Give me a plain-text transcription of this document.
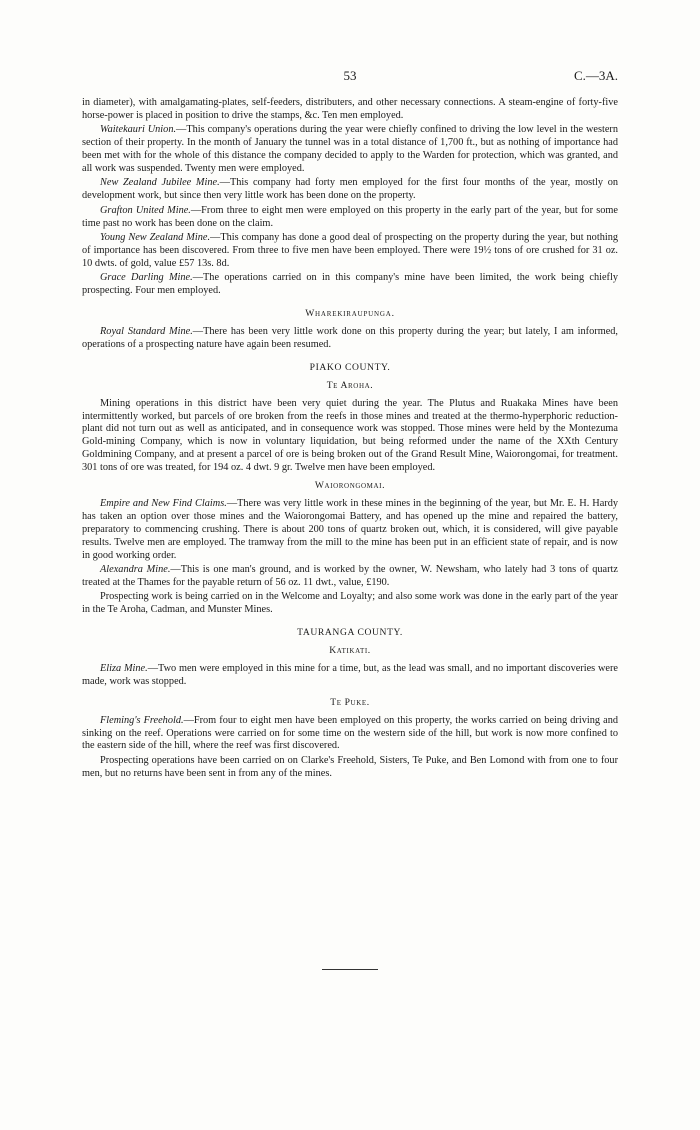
53	C.—3A.

in diameter), with amalgamating-plates, self-feeders, distributers, and other necessary connections. A steam-engine of forty-five horse-power is placed in position to drive the stamps, &c. Ten men employed.

Waitekauri Union.—This company's operations during the year were chiefly confined to driving the low level in the western section of their property. In the month of January the tunnel was in a total distance of 1,700 ft., but as nothing of importance had been met with for the whole of this distance the company decided to apply to the Warden for protection, which was granted, and all work was suspended. Twenty men were employed.

New Zealand Jubilee Mine.—This company had forty men employed for the first four months of the year, mostly on development work, but since then very little work has been done on the property.

Grafton United Mine.—From three to eight men were employed on this property in the early part of the year, but for some time past no work has been done on the claim.

Young New Zealand Mine.—This company has done a good deal of prospecting on the property during the year, but nothing of importance has been discovered. From three to five men have been employed. There were 19½ tons of ore crushed for 31 oz. 10 dwts. of gold, value £57 13s. 8d.

Grace Darling Mine.—The operations carried on in this company's mine have been limited, the work being chiefly prospecting. Four men employed.

Wharekiraupunga.

Royal Standard Mine.—There has been very little work done on this property during the year; but lately, I am informed, operations of a prospecting nature have again been resumed.

PIAKO COUNTY.
Te Aroha.

Mining operations in this district have been very quiet during the year. The Plutus and Ruakaka Mines have been intermittently worked, but parcels of ore broken from the reefs in those mines and treated at the thermo-hyperphoric reduction-plant did not turn out as well as anticipated, and in consequence work was stopped. Those mines were held by the Montezuma Gold-mining Company, which is now in voluntary liquidation, but being reformed under the name of the XXth Century Goldmining Company, and at present a parcel of ore is being broken out of the Grand Result Mine, Waiorongomai, for treatment. 301 tons of ore was treated, for 194 oz. 4 dwt. 9 gr. Twelve men have been employed.

Waiorongomai.

Empire and New Find Claims.—There was very little work in these mines in the beginning of the year, but Mr. E. H. Hardy has taken an option over those mines and the Waiorongomai Battery, and has opened up the mine and repaired the battery, preparatory to commencing crushing. There is about 200 tons of quartz broken out, which, it is considered, will give payable results. Twelve men are employed. The tramway from the mill to the mine has been put in an efficient state of repair, and is now in good working order.

Alexandra Mine.—This is one man's ground, and is worked by the owner, W. Newsham, who lately had 3 tons of quartz treated at the Thames for the payable return of 56 oz. 11 dwt., value, £190.

Prospecting work is being carried on in the Welcome and Loyalty; and also some work was done in the early part of the year in the Te Aroha, Cadman, and Munster Mines.

TAURANGA COUNTY.
Katikati.

Eliza Mine.—Two men were employed in this mine for a time, but, as the lead was small, and no important discoveries were made, work was stopped.

Te Puke.

Fleming's Freehold.—From four to eight men have been employed on this property, the works carried on being driving and sinking on the reef. Operations were carried on for some time on the western side of the hill, but work is now more confined to the eastern side of the hill, where the reef was first discovered.

Prospecting operations have been carried on on Clarke's Freehold, Sisters, Te Puke, and Ben Lomond with from one to four men, but no returns have been sent in from any of the mines.
